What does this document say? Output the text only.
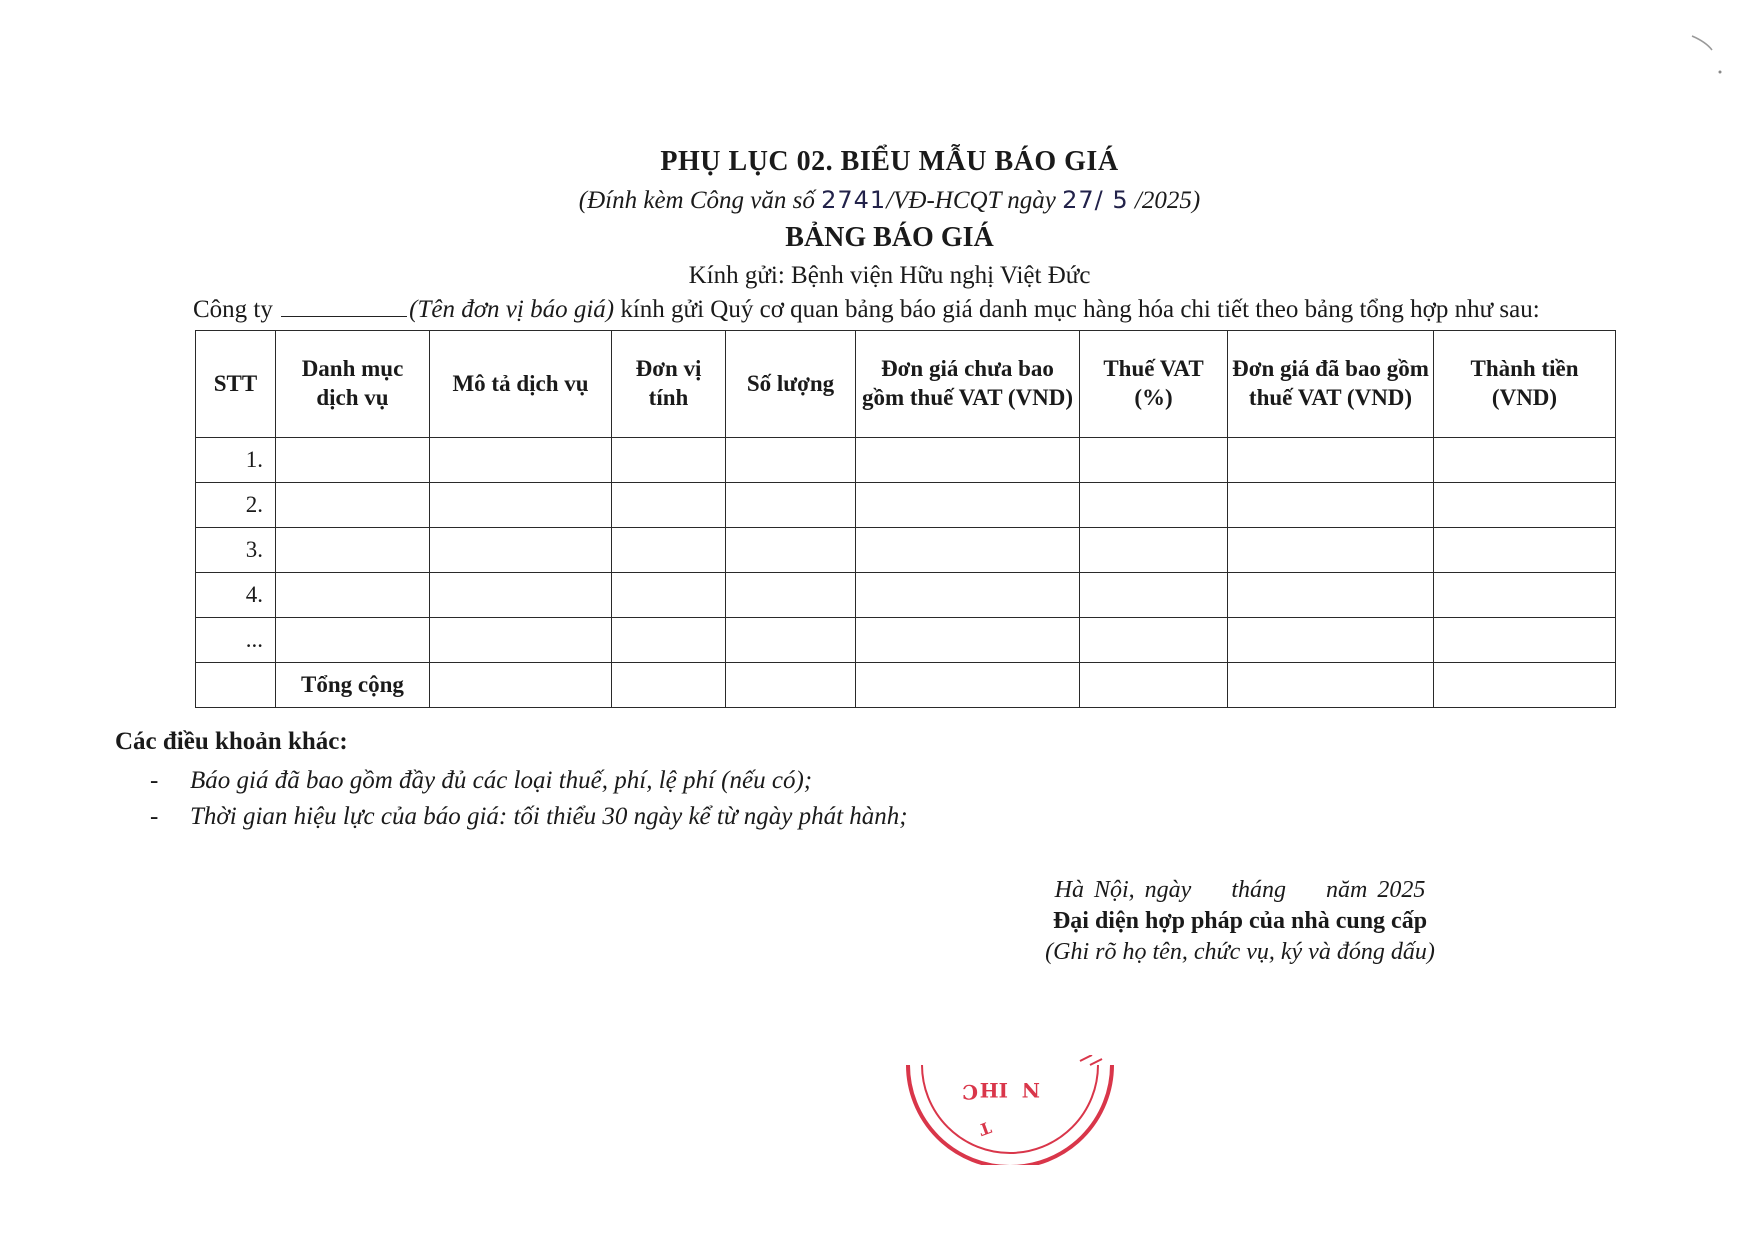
PHỤ LỤC 02. BIỂU MẪU BÁO GIÁ
(Đính kèm Công văn số 2741/VĐ-HCQT ngày 27/ 5 /2025)
BẢNG BÁO GIÁ
Kính gửi: Bệnh viện Hữu nghị Việt Đức
Công ty	(Tên đơn vị báo giá) kính gửi Quý cơ quan bảng báo giá danh mục hàng hóa chi tiết theo bảng tổng hợp như sau:
STT	Danh mục dịch vụ	Mô tả dịch vụ	Đơn vị tính	Số lượng	Đơn giá chưa bao gồm thuế VAT (VND)	Thuế VAT (%)	Đơn giá đã bao gồm thuế VAT (VND)	Thành tiền (VND)
1.								
2.								
3.								
4.								
...								
	Tổng cộng							
Các điều khoản khác:
- Báo giá đã bao gồm đầy đủ các loại thuế, phí, lệ phí (nếu có);
- Thời gian hiệu lực của báo giá: tối thiểu 30 ngày kể từ ngày phát hành;
Hà Nội, ngày tháng năm 2025
Đại diện hợp pháp của nhà cung cấp
(Ghi rõ họ tên, chức vụ, ký và đóng dấu)
C IH N
T
